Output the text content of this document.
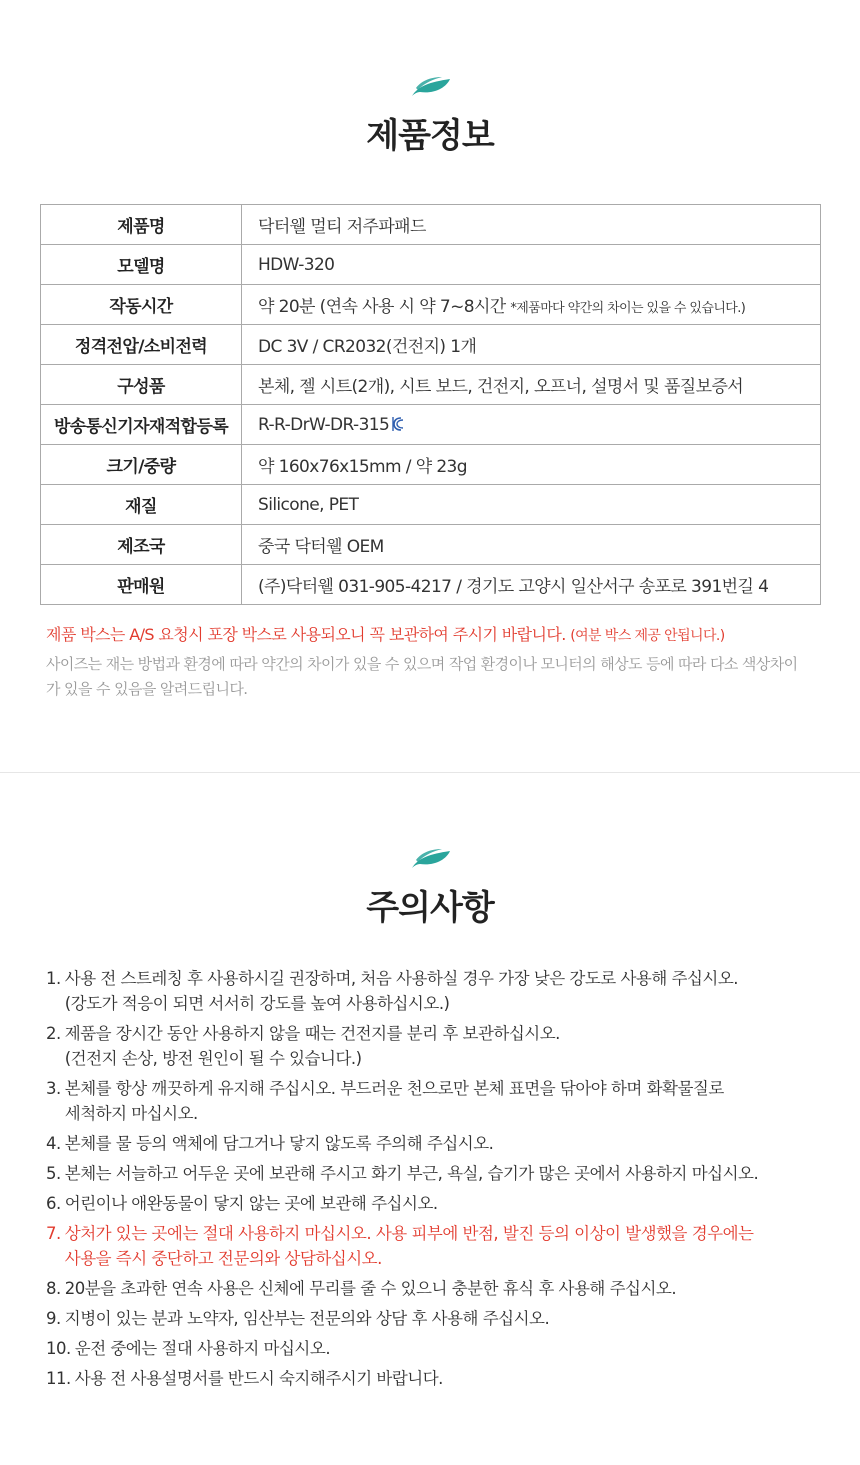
제품정보
제품명	닥터웰 멀티 저주파패드
모델명	HDW-320
작동시간	약 20분 (연속 사용 시 약 7~8시간 *제품마다 약간의 차이는 있을 수 있습니다.)
정격전압/소비전력	DC 3V / CR2032(건전지) 1개
구성품	본체, 젤 시트(2개), 시트 보드, 건전지, 오프너, 설명서 및 품질보증서
방송통신기자재적합등록	R-R-DrW-DR-315
크기/중량	약 160x76x15mm / 약 23g
재질	Silicone, PET
제조국	중국 닥터웰 OEM
판매원	(주)닥터웰 031-905-4217 / 경기도 고양시 일산서구 송포로 391번길 4

제품 박스는 A/S 요청시 포장 박스로 사용되오니 꼭 보관하여 주시기 바랍니다. (여분 박스 제공 안됩니다.)

사이즈는 재는 방법과 환경에 따라 약간의 차이가 있을 수 있으며 작업 환경이나 모니터의 해상도 등에 따라 다소 색상차이가 있을 수 있음을 알려드립니다.

주의사항
1. 사용 전 스트레칭 후 사용하시길 권장하며, 처음 사용하실 경우 가장 낮은 강도로 사용해 주십시오.
(강도가 적응이 되면 서서히 강도를 높여 사용하십시오.)
2. 제품을 장시간 동안 사용하지 않을 때는 건전지를 분리 후 보관하십시오.
(건전지 손상, 방전 원인이 될 수 있습니다.)
3. 본체를 항상 깨끗하게 유지해 주십시오. 부드러운 천으로만 본체 표면을 닦아야 하며 화확물질로
세척하지 마십시오.
4. 본체를 물 등의 액체에 담그거나 닿지 않도록 주의해 주십시오.
5. 본체는 서늘하고 어두운 곳에 보관해 주시고 화기 부근, 욕실, 습기가 많은 곳에서 사용하지 마십시오.
6. 어린이나 애완동물이 닿지 않는 곳에 보관해 주십시오.
7. 상처가 있는 곳에는 절대 사용하지 마십시오. 사용 피부에 반점, 발진 등의 이상이 발생했을 경우에는
사용을 즉시 중단하고 전문의와 상담하십시오.
8. 20분을 초과한 연속 사용은 신체에 무리를 줄 수 있으니 충분한 휴식 후 사용해 주십시오.
9. 지병이 있는 분과 노약자, 임산부는 전문의와 상담 후 사용해 주십시오.
10. 운전 중에는 절대 사용하지 마십시오.
11. 사용 전 사용설명서를 반드시 숙지해주시기 바랍니다.
